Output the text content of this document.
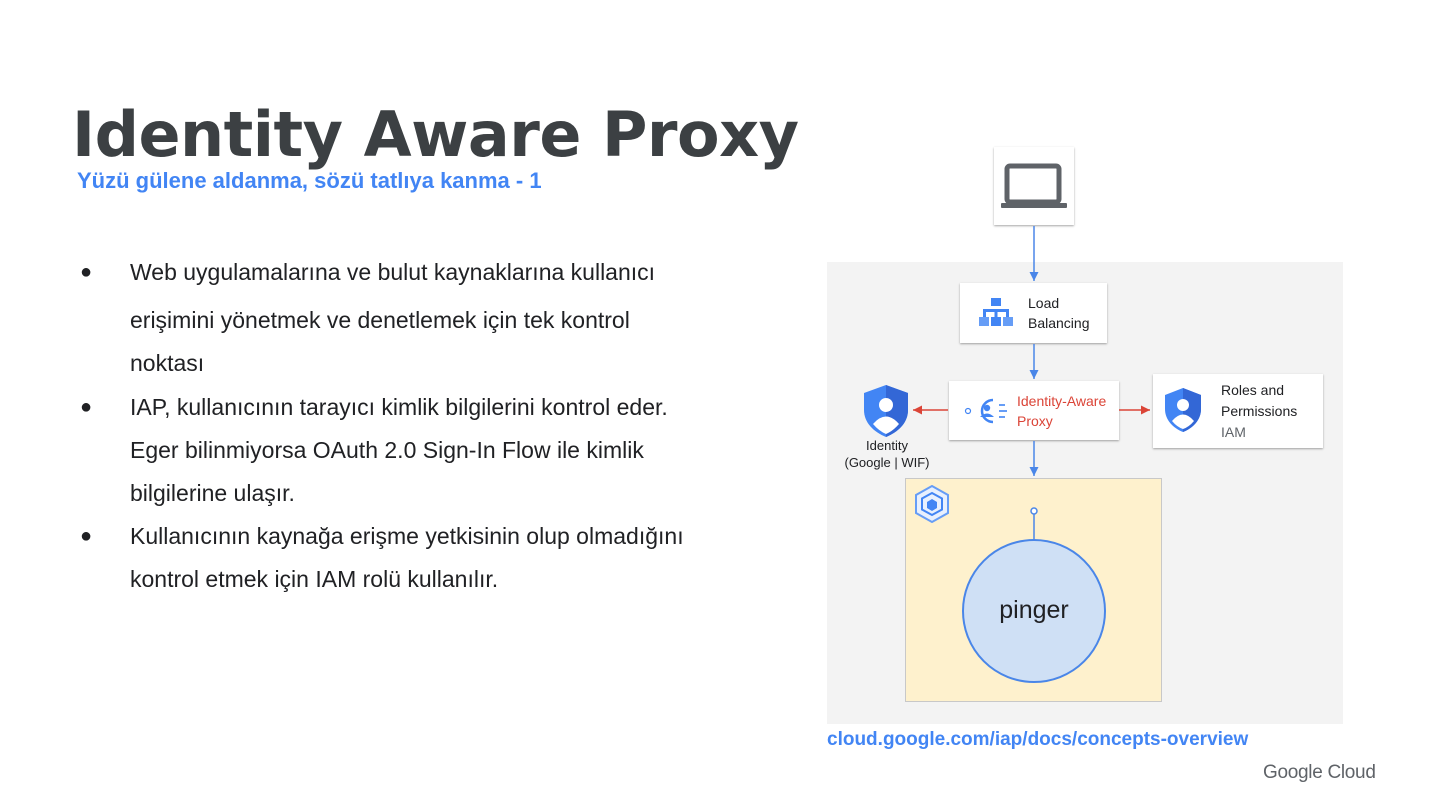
Identity Aware Proxy
Yüzü gülene aldanma, sözü tatlıya kanma - 1
● Web uygulamalarına ve bulut kaynaklarına kullanıcı
erişimini yönetmek ve denetlemek için tek kontrol
noktası
● IAP, kullanıcının tarayıcı kimlik bilgilerini kontrol eder.
Eger bilinmiyorsa OAuth 2.0 Sign-In Flow ile kimlik
bilgilerine ulaşır.
● Kullanıcının kaynağa erişme yetkisinin olup olmadığını
kontrol etmek için IAM rolü kullanılır.
Load
Balancing
Identity-Aware
Proxy
Roles and
Permissions
IAM
Identity
(Google | WIF)
pinger
cloud.google.com/iap/docs/concepts-overview
Google Cloud
